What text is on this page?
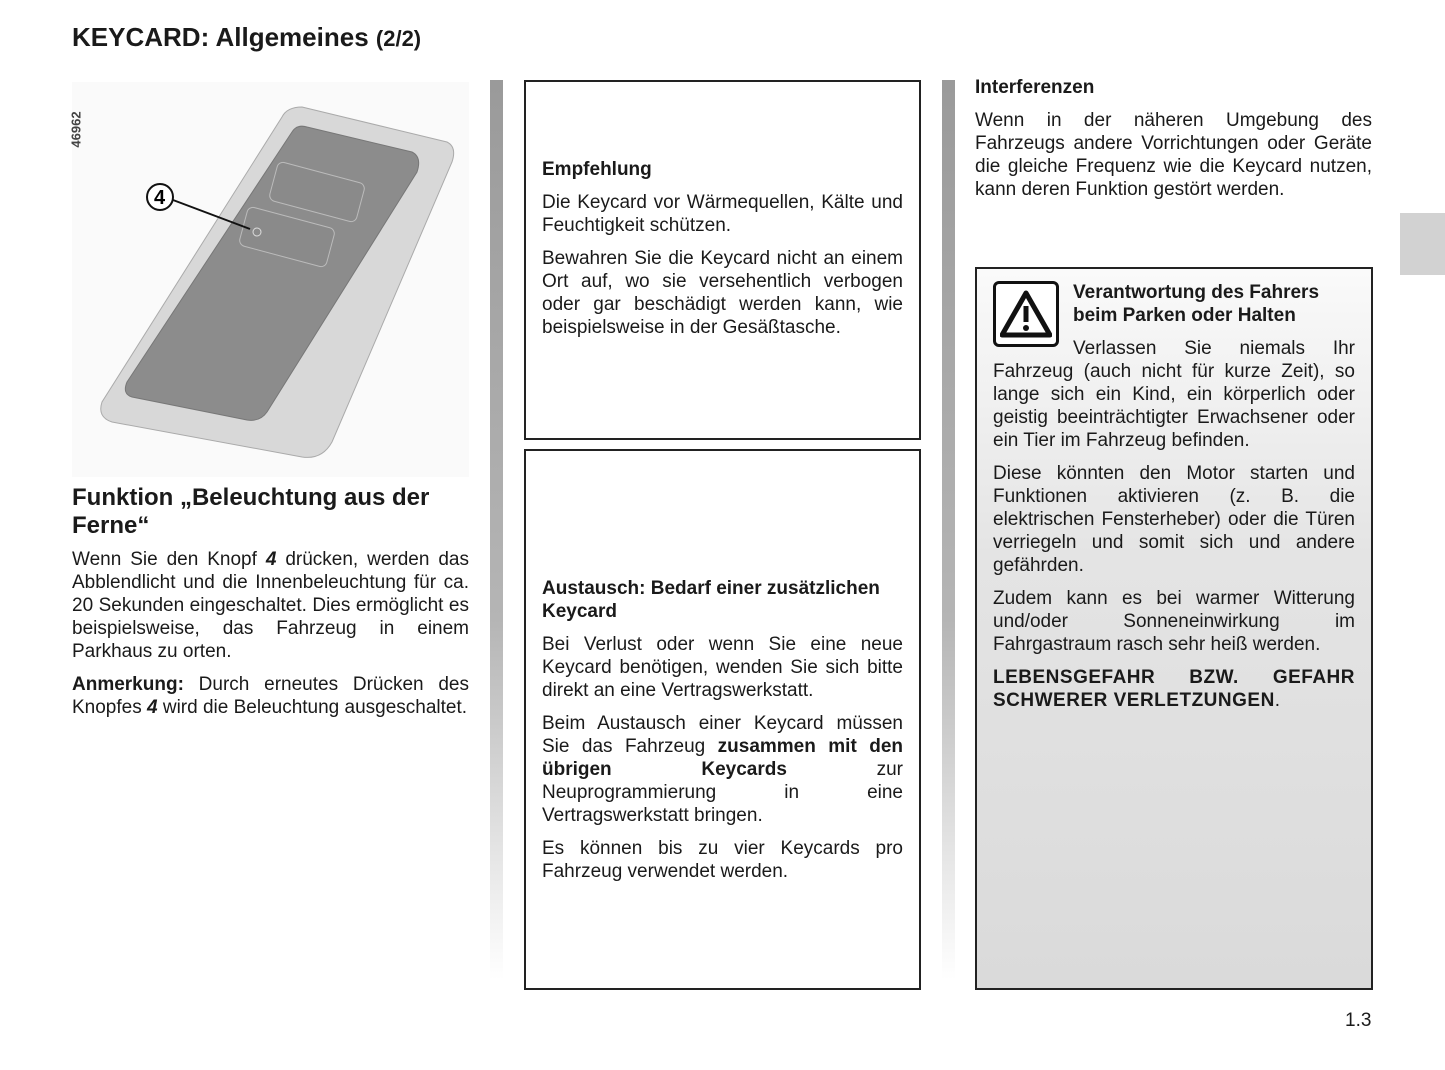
KEYCARD: Allgemeines (2/2)
46962
4
Funktion „Beleuchtung aus der Ferne“

Wenn Sie den Knopf 4 drücken, werden das Abblendlicht und die Innenbeleuchtung für ca. 20 Sekunden eingeschaltet. Dies ermöglicht es beispielsweise, das Fahrzeug in einem Parkhaus zu orten.

Anmerkung: Durch erneutes Drücken des Knopfes 4 wird die Beleuchtung ausgeschaltet.

Empfehlung

Die Keycard vor Wärmequellen, Kälte und Feuchtigkeit schützen.

Bewahren Sie die Keycard nicht an einem Ort auf, wo sie versehentlich verbogen oder gar beschädigt werden kann, wie beispielsweise in der Gesäßtasche.

Austausch: Bedarf einer zusätzlichen Keycard

Bei Verlust oder wenn Sie eine neue Keycard benötigen, wenden Sie sich bitte direkt an eine Vertragswerkstatt.

Beim Austausch einer Keycard müssen Sie das Fahrzeug zusammen mit den übrigen Keycards zur Neuprogrammierung in eine Vertragswerkstatt bringen.

Es können bis zu vier Keycards pro Fahrzeug verwendet werden.

Interferenzen

Wenn in der näheren Umgebung des Fahrzeugs andere Vorrichtungen oder Geräte die gleiche Frequenz wie die Keycard nutzen, kann deren Funktion gestört werden.

Verantwortung des Fahrers beim Parken oder Halten

Verlassen Sie niemals Ihr Fahrzeug (auch nicht für kurze Zeit), so lange sich ein Kind, ein körperlich oder geistig beeinträchtigter Erwachsener oder ein Tier im Fahrzeug befinden.

Diese könnten den Motor starten und Funktionen aktivieren (z. B. die elektrischen Fensterheber) oder die Türen verriegeln und somit sich und andere gefährden.

Zudem kann es bei warmer Witterung und/oder Sonneneinwirkung im Fahrgastraum rasch sehr heiß werden.

LEBENSGEFAHR BZW. GEFAHR SCHWERER VERLETZUNGEN.

1.3
